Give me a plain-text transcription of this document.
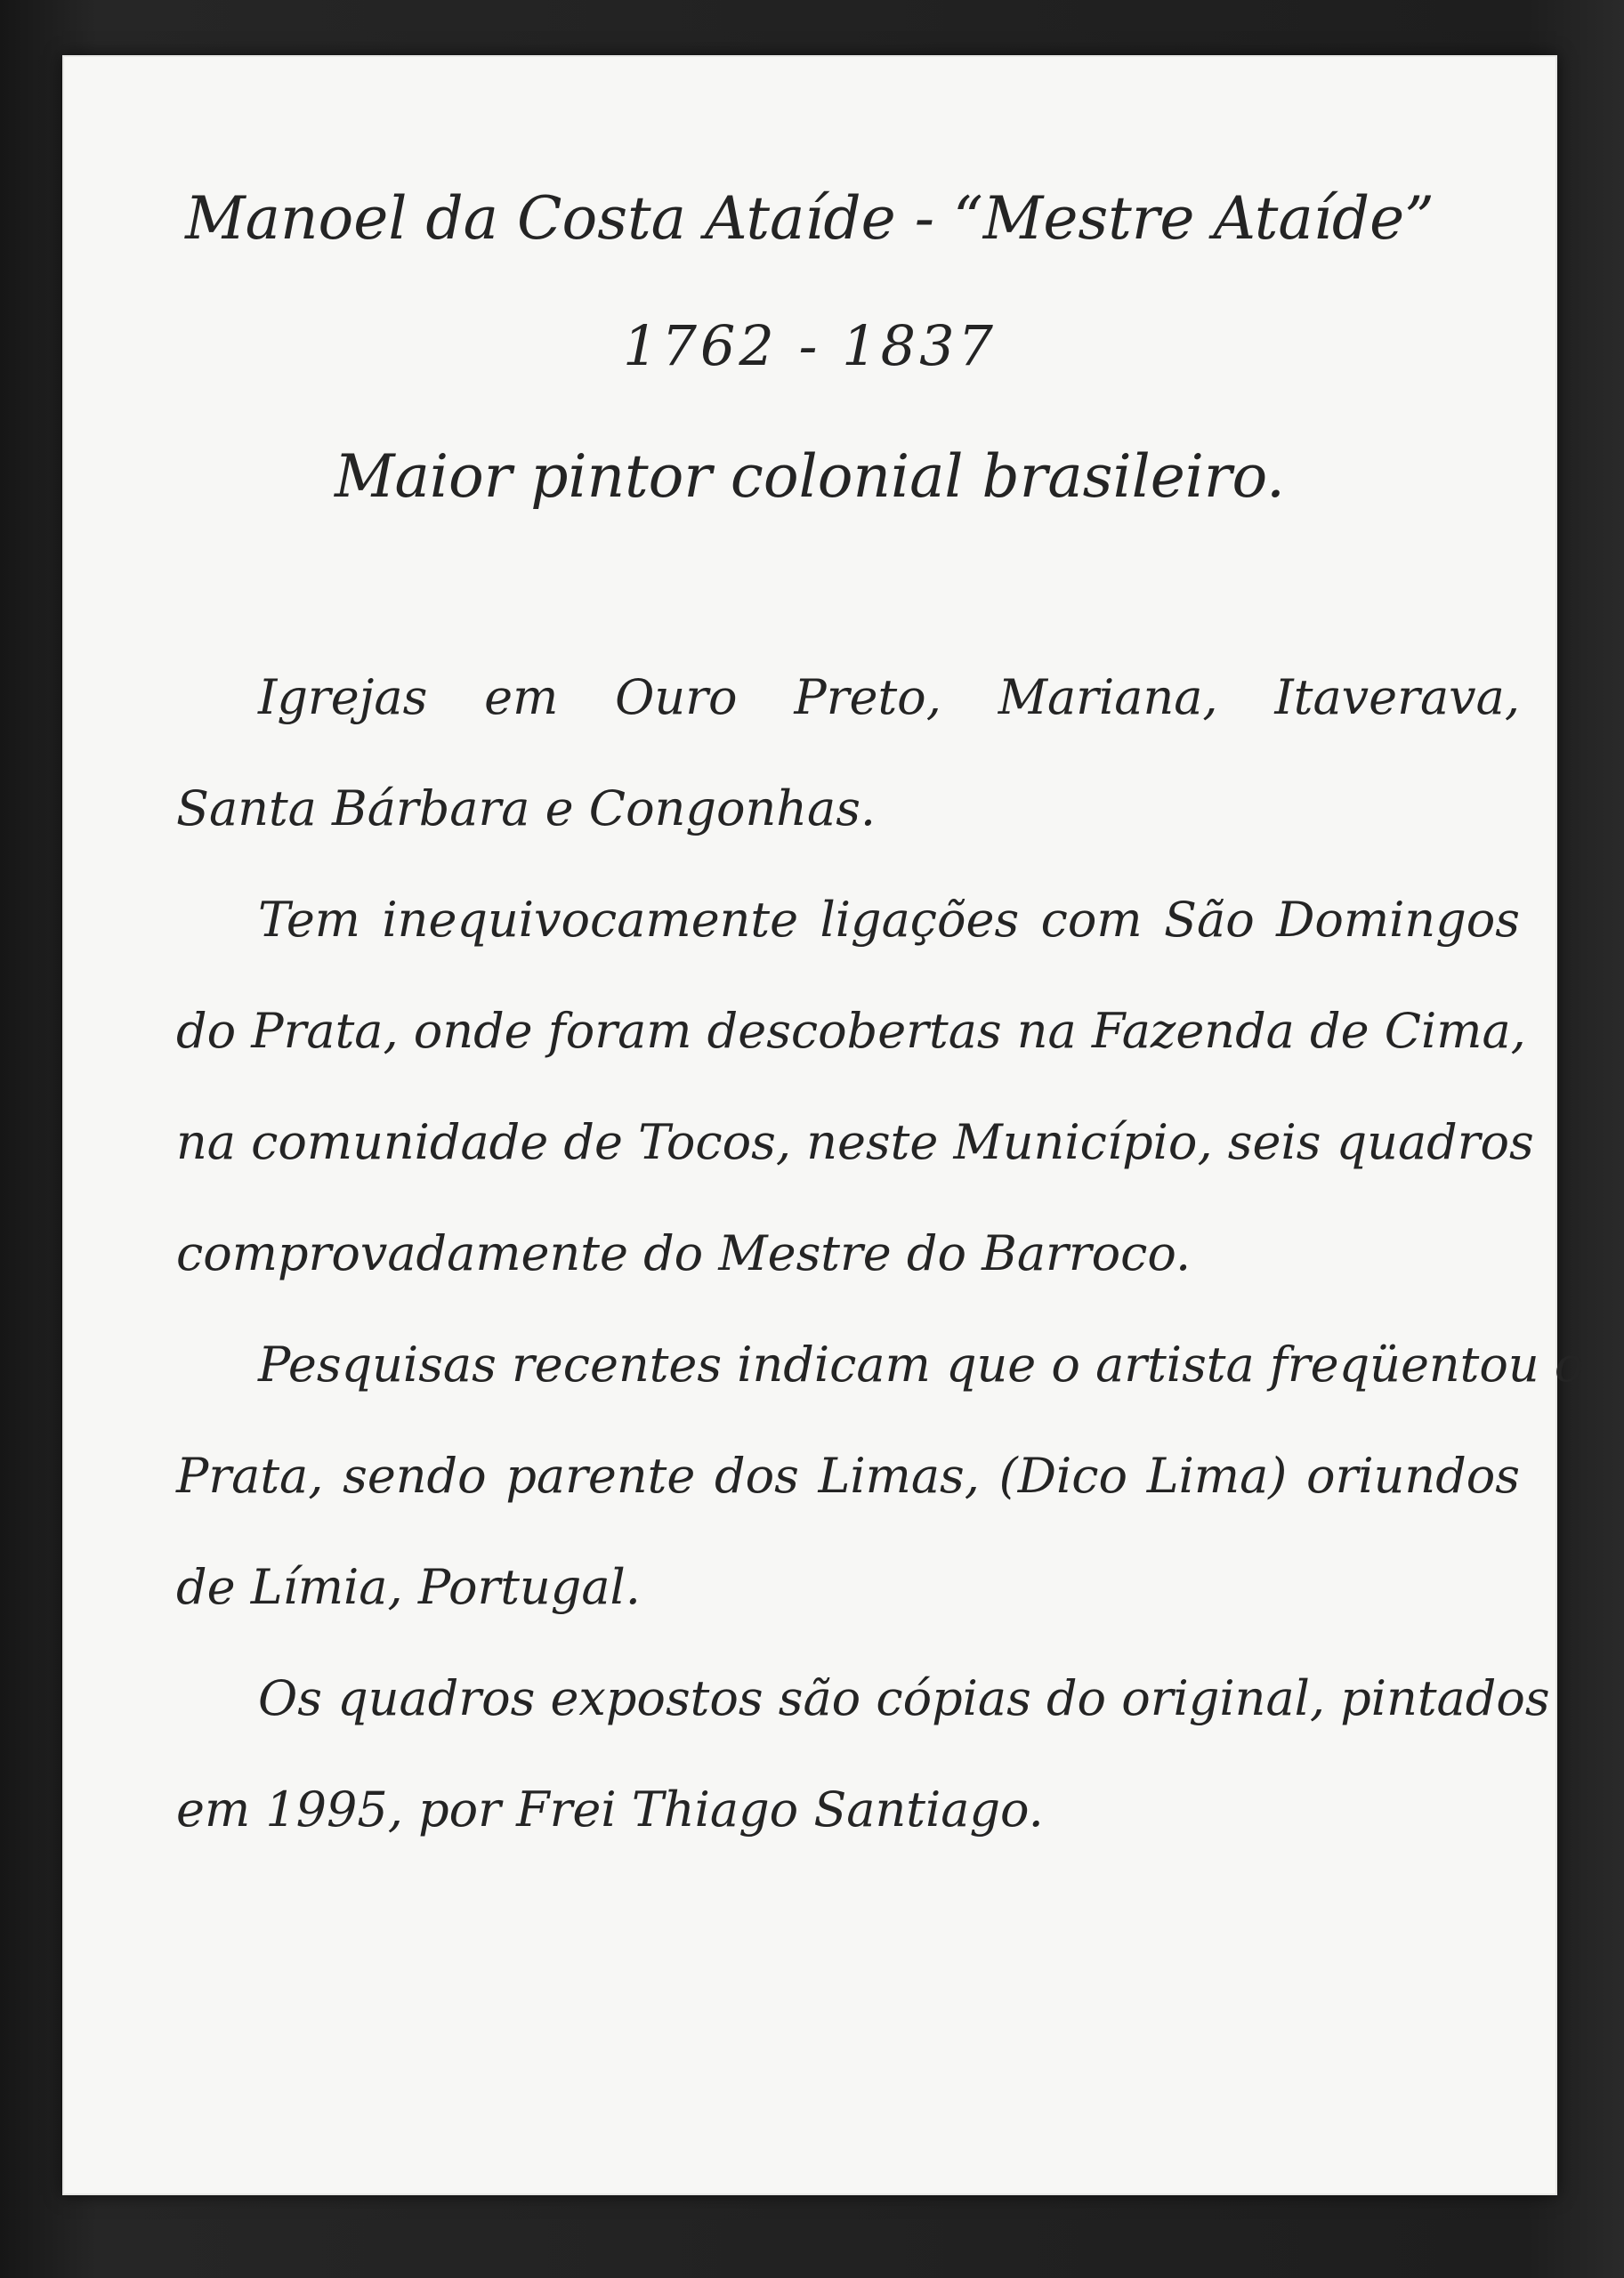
Manoel da Costa Ataíde - “Mestre Ataíde”
1762 - 1837
Maior pintor colonial brasileiro.
Igrejas em Ouro Preto, Mariana, Itaverava,
Santa Bárbara e Congonhas.
Tem inequivocamente ligações com São Domingos
do Prata, onde foram descobertas na Fazenda de Cima,
na comunidade de Tocos, neste Município, seis quadros
comprovadamente do Mestre do Barroco.
Pesquisas recentes indicam que o artista freqüentou o
Prata, sendo parente dos Limas, (Dico Lima) oriundos
de Límia, Portugal.
Os quadros expostos são cópias do original, pintados
em 1995, por Frei Thiago Santiago.
